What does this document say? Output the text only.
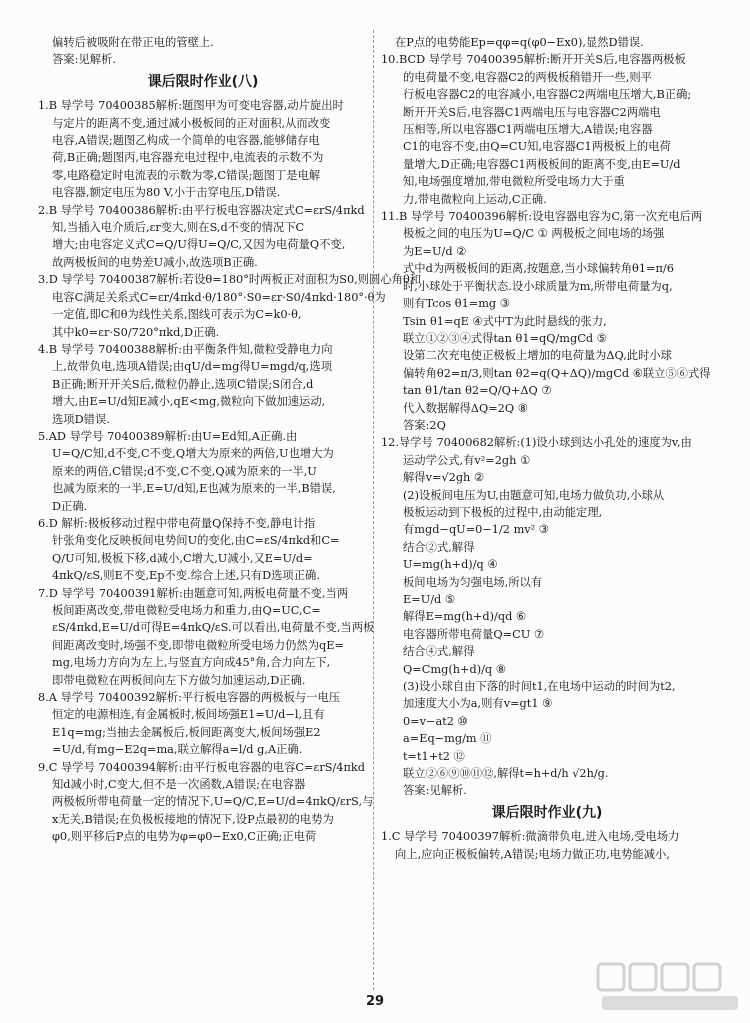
偏转后被吸附在带正电的管壁上.
答案:见解析.
课后限时作业(八)
1.B 导学号 70400385解析:题图甲为可变电容器,动片旋出时
与定片的距离不变,通过减小极板间的正对面积,从而改变
电容,A错误;题图乙构成一个简单的电容器,能够储存电
荷,B正确;题图丙,电容器充电过程中,电流表的示数不为
零,电路稳定时电流表的示数为零,C错误;题图丁是电解
电容器,额定电压为80 V,小于击穿电压,D错误.
2.B 导学号 70400386解析:由平行板电容器决定式C=εrS/4πkd
知,当插入电介质后,εr变大,则在S,d不变的情况下C
增大;由电容定义式C=Q/U得U=Q/C,又因为电荷量Q不变,
故两极板间的电势差U减小,故选项B正确.
3.D 导学号 70400387解析:若设θ=180°时两板正对面积为S0,则圆心角θ和
电容C满足关系式C=εr/4πkd·θ/180°·S0=εr·S0/4πkd·180°·θ为
一定值,即C和θ为线性关系,图线可表示为C=k0·θ,
其中k0=εr·S0/720°πkd,D正确.
4.B 导学号 70400388解析:由平衡条件知,微粒受静电力向
上,故带负电,选项A错误;由qU/d=mg得U=mgd/q,选项
B正确;断开开关S后,微粒仍静止,选项C错误;S闭合,d
增大,由E=U/d知E减小,qE<mg,微粒向下做加速运动,
选项D错误.
5.AD 导学号 70400389解析:由U=Ed知,A正确.由
U=Q/C知,d不变,C不变,Q增大为原来的两倍,U也增大为
原来的两倍,C错误;d不变,C不变,Q减为原来的一半,U
也减为原来的一半,E=U/d知,E也减为原来的一半,B错误,
D正确.
6.D 解析:极板移动过程中带电荷量Q保持不变,静电计指
针张角变化反映板间电势间U的变化,由C=εS/4πkd和C=
Q/U可知,极板下移,d减小,C增大,U减小,又E=U/d=
4πkQ/εS,则E不变,Ep不变.综合上述,只有D选项正确.
7.D 导学号 70400391解析:由题意可知,两板电荷量不变,当两
板间距离改变,带电微粒受电场力和重力,由Q=UC,C=
εS/4πkd,E=U/d可得E=4πkQ/εS.可以看出,电荷量不变,当两板
间距离改变时,场强不变,即带电微粒所受电场力仍然为qE=
mg,电场力方向为左上,与竖直方向成45°角,合力向左下,
即带电微粒在两板间向左下方做匀加速运动,D正确.
8.A 导学号 70400392解析:平行板电容器的两极板与一电压
恒定的电源相连,有金属板时,板间场强E1=U/d−l,且有
E1q=mg;当抽去金属板后,板间距离变大,板间场强E2
=U/d,有mg−E2q=ma,联立解得a=l/d g,A正确.
9.C 导学号 70400394解析:由平行板电容器的电容C=εrS/4πkd
知d减小时,C变大,但不是一次函数,A错误;在电容器
两极板所带电荷量一定的情况下,U=Q/C,E=U/d=4πkQ/εrS,与
x无关,B错误;在负极板接地的情况下,设P点最初的电势为
φ0,则平移后P点的电势为φ=φ0−Ex0,C正确;正电荷
在P点的电势能Ep=qφ=q(φ0−Ex0),显然D错误.
10.BCD 导学号 70400395解析:断开开关S后,电容器两极板
的电荷量不变,电容器C2的两极板稍错开一些,则平
行板电容器C2的电容减小,电容器C2两端电压增大,B正确;
断开开关S后,电容器C1两端电压与电容器C2两端电
压相等,所以电容器C1两端电压增大,A错误;电容器
C1的电容不变,由Q=CU知,电容器C1两极板上的电荷
量增大,D正确;电容器C1两极板间的距离不变,由E=U/d
知,电场强度增加,带电微粒所受电场力大于重
力,带电微粒向上运动,C正确.
11.B 导学号 70400396解析:设电容器电容为C,第一次充电后两
极板之间的电压为U=Q/C ① 两极板之间电场的场强
为E=U/d ②
式中d为两极板间的距离,按题意,当小球偏转角θ1=π/6
时,小球处于平衡状态.设小球质量为m,所带电荷量为q,
则有Tcos θ1=mg ③
Tsin θ1=qE ④式中T为此时悬线的张力,
联立①②③④式得tan θ1=qQ/mgCd ⑤
设第二次充电使正极板上增加的电荷量为ΔQ,此时小球
偏转角θ2=π/3,则tan θ2=q(Q+ΔQ)/mgCd ⑥联立⑤⑥式得
tan θ1/tan θ2=Q/Q+ΔQ ⑦
代入数据解得ΔQ=2Q ⑧
答案:2Q
12.导学号 70400682解析:(1)设小球到达小孔处的速度为v,由
运动学公式,有v²=2gh ①
解得v=√2gh ②
(2)设板间电压为U,由题意可知,电场力做负功,小球从
极板运动到下极板的过程中,由动能定理,
有mgd−qU=0−1/2 mv² ③
结合②式,解得
U=mg(h+d)/q ④
板间电场为匀强电场,所以有
E=U/d ⑤
解得E=mg(h+d)/qd ⑥
电容器所带电荷量Q=CU ⑦
结合④式,解得
Q=Cmg(h+d)/q ⑧
(3)设小球自由下落的时间t1,在电场中运动的时间为t2,
加速度大小为a,则有v=gt1 ⑨
0=v−at2 ⑩
a=Eq−mg/m ⑪
t=t1+t2 ⑫
联立②⑥⑨⑩⑪⑫,解得t=h+d/h √2h/g.
答案:见解析.
课后限时作业(九)
1.C 导学号 70400397解析:微滴带负电,进入电场,受电场力
向上,应向正极板偏转,A错误;电场力做正功,电势能减小,
29
